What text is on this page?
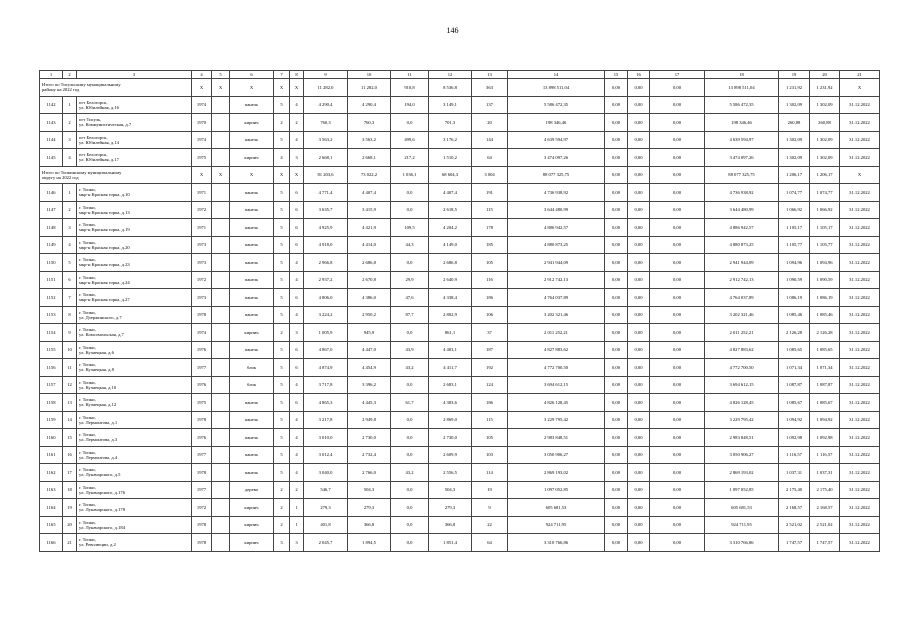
146
1	2	3	4	5	6	7	8	9	10	11	12	13	14	15	16	17	18	19	20	21
Итого по Тисульскому муниципальному
району на 2022 год			X	X	X	X	X	11 282,0	11 282,0	910,8	8 536,8	363	13 898 511,04	0,00	0,00	0,00	13 898 511,04	1 231,92	1 231,92	X
1142	1	пгт Белогорск,
ул. Юбилейная, д.16	1974		панель	5	4	4 290,4	4 290,4	194,0	3 149,1	137	5 586 472,35	0,00	0,00	0,00	5 586 472,35	1 302,09	1 302,09	31.12.2022
1143	2	пгт Тисуль,
ул. Коммунистическая, д.7	1970		кирпич	2	2	760,3	760,3	0,0	701,3	20	198 346,46	0,00	0,00	0,00	198 346,46	260,88	260,88	31.12.2022
1144	3	пгт Белогорск,
ул. Юбилейная, д.14	1974		панель	5	4	3 563,2	3 563,2	499,6	3 176,2	144	4 639 594,97	0,00	0,00	0,00	4 639 594,97	1 302,09	1 302,09	31.12.2022
1145	4	пгт Белогорск,
ул. Юбилейная, д.17	1975		кирпич	4	3	2 668,1	2 668,1	217,2	1 510,2	64	3 474 097,26	0,00	0,00	0,00	3 474 097,26	1 302,09	1 302,09	31.12.2022
Итого по Топкинскому муниципальному
округу на 2022 год			X	X	X	X	X	81 203,6	73 022,2	1 036,1	68 604,3	3 004	88 077 325,75	0,00	0,00	0,00	88 077 325,75	1 206,17	1 206,17	X
1146	1	г. Топки,
мкр-н Красная горка, д.10	1971		панель	5	6	4 771,4	4 407,4	0,0	4 407,4	191	4 736 938,92	0,00	0,00	0,00	4 736 938,92	1 074,77	1 074,77	31.12.2022
1147	2	г. Топки,
мкр-н Красная горка, д.13	1972		панель	5	6	3 635,7	3 415,9	0,0	2 618,5	115	3 644 480,99	0,00	0,00	0,00	3 644 480,99	1 066,92	1 066,92	31.12.2022
1148	3	г. Топки,
мкр-н Красная горка, д.19	1971		панель	5	6	4 925,9	4 421,9	109,5	4 204,2	178	4 886 942,57	0,00	0,00	0,00	4 886 942,57	1 105,17	1 105,17	31.12.2022
1149	4	г. Топки,
мкр-н Красная горка, д.20	1973		панель	5	6	4 918,0	4 414,0	44,3	4 149,0	185	4 880 873,25	0,00	0,00	0,00	4 880 873,25	1 105,77	1 105,77	31.12.2022
1150	5	г. Топки,
мкр-н Красная горка, д.23	1973		панель	5	4	2 966,8	2 686,8	0,0	2 686,8	105	2 941 944,09	0,00	0,00	0,00	2 941 944,09	1 094,96	1 094,96	31.12.2022
1151	6	г. Топки,
мкр-н Красная горка, д.24	1972		панель	5	4	2 937,2	2 670,8	29,9	2 640,9	116	2 912 742,13	0,00	0,00	0,00	2 912 742,13	1 090,59	1 090,59	31.12.2022
1152	7	г. Топки,
мкр-н Красная горка, д.27	1973		панель	5	6	4 806,0	4 386,0	47,6	4 338,4	186	4 764 037,89	0,00	0,00	0,00	4 764 037,89	1 086,19	1 086,19	31.12.2022
1153	8	г. Топки,
ул. Дзержинского, д.7	1978		панель	5	4	3 224,2	2 950,2	87,7	2 802,9	106	3 202 321,46	0,00	0,00	0,00	3 202 321,46	1 085,46	1 085,46	31.12.2022
1154	9	г. Топки,
ул. Комсомольская, д.7	1974		кирпич	2	3	1 005,9	945,9	0,0	861,1	37	2 011 252,21	0,00	0,00	0,00	2 011 252,21	2 126,28	2 126,28	31.12.2022
1155	10	г. Топки,
ул. Кузнецкая, д.6	1976		панель	5	6	4 867,0	4 447,0	43,9	4 403,1	187	4 827 883,62	0,00	0,00	0,00	4 827 883,62	1 085,65	1 085,65	31.12.2022
1156	11	г. Топки,
ул. Кузнецкая, д.8	1977		блок	5	6	4 874,9	4 454,9	43,2	4 411,7	192	4 772 700,50	0,00	0,00	0,00	4 772 700,50	1 071,34	1 071,34	31.12.2022
1157	12	г. Топки,
ул. Кузнецкая, д.10	1976		блок	5	4	3 717,8	3 396,2	0,0	2 683,1	124	3 694 612,15	0,00	0,00	0,00	3 694 612,15	1 087,87	1 087,87	31.12.2022
1158	13	г. Топки,
ул. Кузнецкая, д.12	1975		панель	5	6	4 865,3	4 445,3	61,7	4 383,6	186	4 826 128,45	0,00	0,00	0,00	4 826 128,45	1 085,67	1 085,67	31.12.2022
1159	14	г. Топки,
ул. Лермонтова, д.1	1978		панель	5	4	3 217,8	2 949,8	0,0	2 869,0	115	3 229 795,42	0,00	0,00	0,00	3 229 795,42	1 094,92	1 094,92	31.12.2022
1160	15	г. Топки,
ул. Лермонтова, д.3	1976		панель	5	4	3 010,0	2 730,0	0,0	2 730,0	105	2 983 848,51	0,00	0,00	0,00	2 983 848,51	1 092,98	1 092,98	31.12.2022
1161	16	г. Топки,
ул. Лермонтова, д.4	1977		панель	5	4	3 012,4	2 732,4	0,0	2 609,9	103	3 050 906,27	0,00	0,00	0,00	3 050 906,27	1 116,57	1 116,57	31.12.2022
1162	17	г. Топки,
ул. Луначарского, д.5	1978		панель	5	4	3 040,0	2 766,0	43,2	2 556,5	114	2 869 193,02	0,00	0,00	0,00	2 869 193,02	1 037,31	1 037,31	31.12.2022
1163	18	г. Топки,
ул. Луначарского, д.176	1977		дерево	2	2	546,7	504,3	0,0	504,3	19	1 097 052,85	0,00	0,00	0,00	1 097 052,85	2 175,40	2 175,40	31.12.2022
1164	19	г. Топки,
ул. Луначарского, д.178	1972		кирпич	2	1	279,3	279,3	0,0	279,3	9	605 681,53	0,00	0,00	0,00	605 681,53	2 168,57	2 168,57	31.12.2022
1165	20	г. Топки,
ул. Луначарского, д.184	1978		кирпич	2	1	401,8	366,8	0,0	366,8	22	924 711,95	0,00	0,00	0,00	924 711,95	2 521,02	2 521,02	31.12.2022
1166	21	г. Топки,
ул. Революции, д.2	1978		кирпич	3	3	2 045,7	1 894,5	0,0	1 851,4	64	3 310 766,86	0,00	0,00	0,00	3 310 766,86	1 747,57	1 747,57	31.12.2022
